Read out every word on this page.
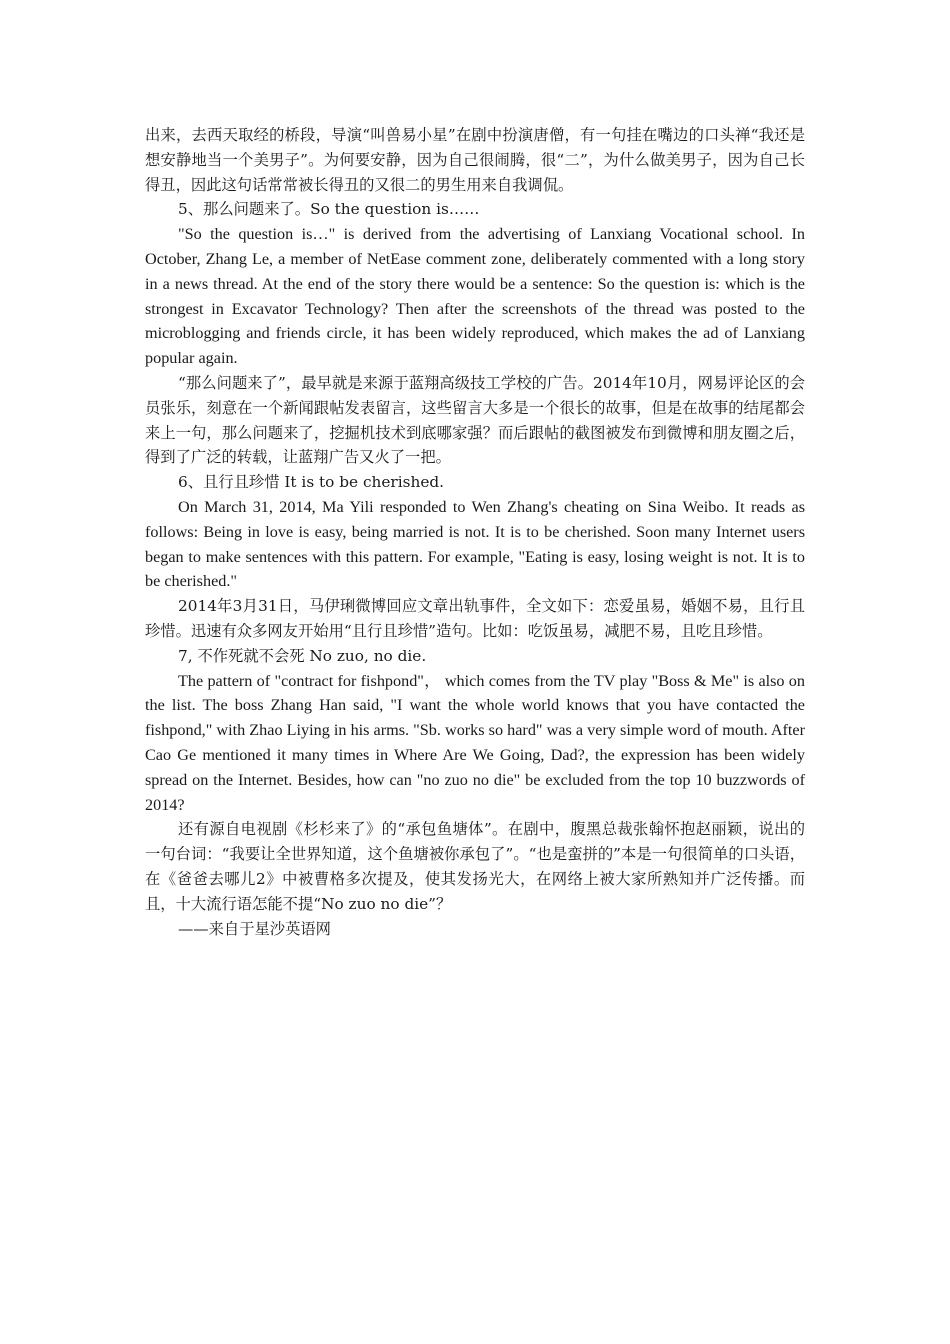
出来，去西天取经的桥段，导演“叫兽易小星”在剧中扮演唐僧，有一句挂在嘴边的口头禅“我还是想安静地当一个美男子”。为何要安静，因为自己很闹腾，很“二”，为什么做美男子，因为自己长得丑，因此这句话常常被长得丑的又很二的男生用来自我调侃。

5、那么问题来了。So the question is……

"So the question is…" is derived from the advertising of Lanxiang Vocational school. In October, Zhang Le, a member of NetEase comment zone, deliberately commented with a long story in a news thread. At the end of the story there would be a sentence: So the question is: which is the strongest in Excavator Technology? Then after the screenshots of the thread was posted to the microblogging and friends circle, it has been widely reproduced, which makes the ad of Lanxiang popular again.

“那么问题来了”，最早就是来源于蓝翔高级技工学校的广告。2014年10月，网易评论区的会员张乐，刻意在一个新闻跟帖发表留言，这些留言大多是一个很长的故事，但是在故事的结尾都会来上一句，那么问题来了，挖掘机技术到底哪家强？而后跟帖的截图被发布到微博和朋友圈之后，得到了广泛的转载，让蓝翔广告又火了一把。

6、且行且珍惜 It is to be cherished.

On March 31, 2014, Ma Yili responded to Wen Zhang's cheating on Sina Weibo. It reads as follows: Being in love is easy, being married is not. It is to be cherished. Soon many Internet users began to make sentences with this pattern. For example, "Eating is easy, losing weight is not. It is to be cherished."

2014年3月31日，马伊琍微博回应文章出轨事件，全文如下：恋爱虽易，婚姻不易，且行且珍惜。迅速有众多网友开始用“且行且珍惜”造句。比如：吃饭虽易，减肥不易，且吃且珍惜。

7, 不作死就不会死 No zuo, no die.

The pattern of "contract for fishpond"， which comes from the TV play "Boss & Me" is also on the list. The boss Zhang Han said, "I want the whole world knows that you have contacted the fishpond," with Zhao Liying in his arms. "Sb. works so hard" was a very simple word of mouth. After Cao Ge mentioned it many times in Where Are We Going, Dad?, the expression has been widely spread on the Internet. Besides, how can "no zuo no die" be excluded from the top 10 buzzwords of 2014?

还有源自电视剧《杉杉来了》的“承包鱼塘体”。在剧中，腹黑总裁张翰怀抱赵丽颖，说出的一句台词：“我要让全世界知道，这个鱼塘被你承包了”。“也是蛮拼的”本是一句很简单的口头语，在《爸爸去哪儿2》中被曹格多次提及，使其发扬光大，在网络上被大家所熟知并广泛传播。而且，十大流行语怎能不提“No zuo no die”？

——来自于星沙英语网
